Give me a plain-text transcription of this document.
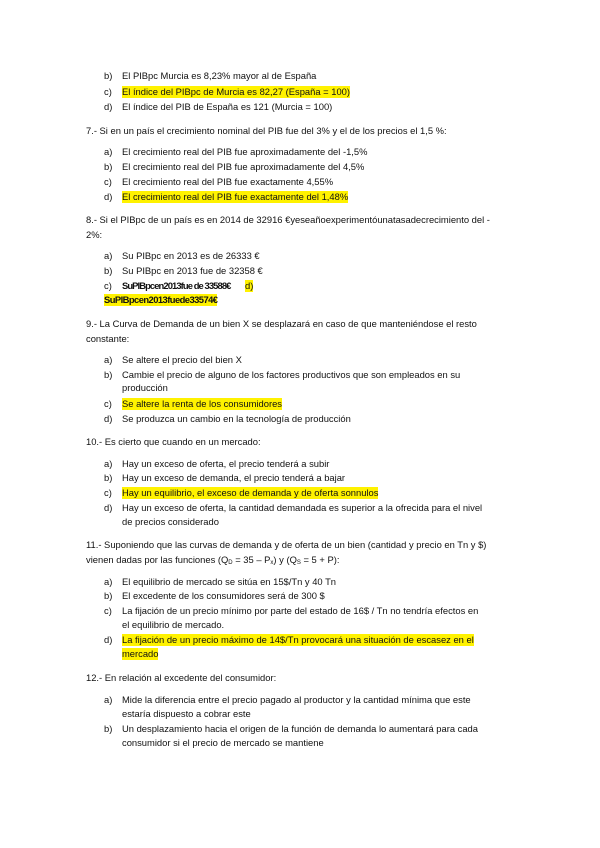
b) El PIBpc Murcia es 8,23% mayor al de España
c) El índice del PIBpc de Murcia es 82,27 (España = 100)
d) El índice del PIB de España es 121 (Murcia = 100)
7.- Si en un país el crecimiento nominal del PIB fue del 3% y el de los precios el 1,5 %:
a) El crecimiento real del PIB fue aproximadamente del -1,5%
b) El crecimiento real del PIB fue aproximadamente del 4,5%
c) El crecimiento real del PIB fue exactamente 4,55%
d) El crecimiento real del PIB fue exactamente del 1,48%
8.- Si el PIBpc de un país es en 2014 de 32916 €yeseañoexperimentóunatasadecrecimiento del -
2%:
a) Su PIBpc en 2013 es de 26333 €
b) Su PIBpc en 2013 fue de 32358 €
c) SuPIBpcen2013fue de 33588€ d)
SuPIBpcen2013fuede33574€
9.- La Curva de Demanda de un bien X se desplazará en caso de que manteniéndose el resto
constante:
a) Se altere el precio del bien X
b) Cambie el precio de alguno de los factores productivos que son empleados en su
producción
c) Se altere la renta de los consumidores
d) Se produzca un cambio en la tecnología de producción
10.- Es cierto que cuando en un mercado:
a) Hay un exceso de oferta, el precio tenderá a subir
b) Hay un exceso de demanda, el precio tenderá a bajar
c) Hay un equilibrio, el exceso de demanda y de oferta sonnulos
d) Hay un exceso de oferta, la cantidad demandada es superior a la ofrecida para el nivel
de precios considerado
11.- Suponiendo que las curvas de demanda y de oferta de un bien (cantidad y precio en Tn y $)
vienen dadas por las funciones $(Q_D = 35 - P_x)$ y $(Q_S = 5 + P)$:
a) El equilibrio de mercado se sitúa en 15$/Tn y 40 Tn
b) El excedente de los consumidores será de 300 $
c) La fijación de un precio mínimo por parte del estado de 16$ / Tn no tendría efectos en
el equilibrio de mercado.
d) La fijación de un precio máximo de 14$/Tn provocará una situación de escasez en el
mercado
12.- En relación al excedente del consumidor:
a) Mide la diferencia entre el precio pagado al productor y la cantidad mínima que este
estaría dispuesto a cobrar este
b) Un desplazamiento hacia el origen de la función de demanda lo aumentará para cada
consumidor si el precio de mercado se mantiene
